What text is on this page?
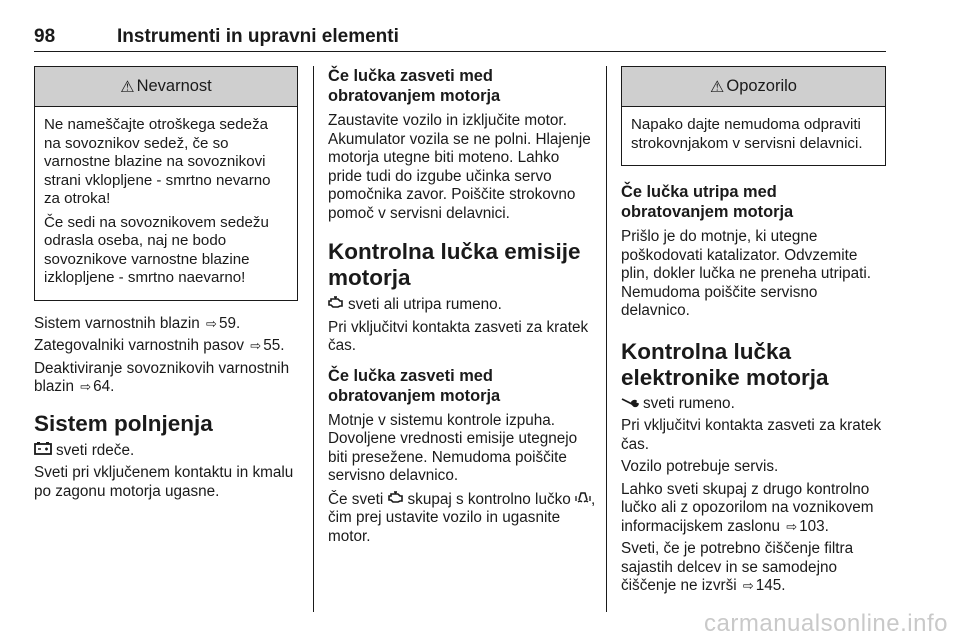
98	Instrumenti in upravni elementi
⚠ Nevarnost

Ne nameščajte otroškega sedeža na sovoznikov sedež, če so varnostne blazine na sovoznikovi strani vklopljene - smrtno nevarno za otroka!

Če sedi na sovoznikovem sedežu odrasla oseba, naj ne bodo sovoznikove varnostne blazine izklopljene - smrtno naevarno!

Sistem varnostnih blazin ⇨ 59.

Zategovalniki varnostnih pasov ⇨ 55.

Deaktiviranje sovoznikovih varnostnih blazin ⇨ 64.

Sistem polnjenja

sveti rdeče.

Sveti pri vključenem kontaktu in kmalu po zagonu motorja ugasne.

Če lučka zasveti med obratovanjem motorja

Zaustavite vozilo in izključite motor. Akumulator vozila se ne polni. Hlajenje motorja utegne biti moteno. Lahko pride tudi do izgube učinka servo pomočnika zavor. Poiščite strokovno pomoč v servisni delavnici.

Kontrolna lučka emisije motorja

sveti ali utripa rumeno.

Pri vključitvi kontakta zasveti za kratek čas.

Če lučka zasveti med obratovanjem motorja

Motnje v sistemu kontrole izpuha. Dovoljene vrednosti emisije utegnejo biti presežene. Nemudoma poiščite servisno delavnico.

Če sveti skupaj s kontrolno lučko , čim prej ustavite vozilo in ugasnite motor.

⚠ Opozorilo

Napako dajte nemudoma odpraviti strokovnjakom v servisni delavnici.

Če lučka utripa med obratovanjem motorja

Prišlo je do motnje, ki utegne poškodovati katalizator. Odvzemite plin, dokler lučka ne preneha utripati. Nemudoma poiščite servisno delavnico.

Kontrolna lučka elektronike motorja

sveti rumeno.

Pri vključitvi kontakta zasveti za kratek čas.

Vozilo potrebuje servis.

Lahko sveti skupaj z drugo kontrolno lučko ali z opozorilom na voznikovem informacijskem zaslonu ⇨ 103.

Sveti, če je potrebno čiščenje filtra sajastih delcev in se samodejno čiščenje ne izvrši ⇨ 145.

carmanualsonline.info
